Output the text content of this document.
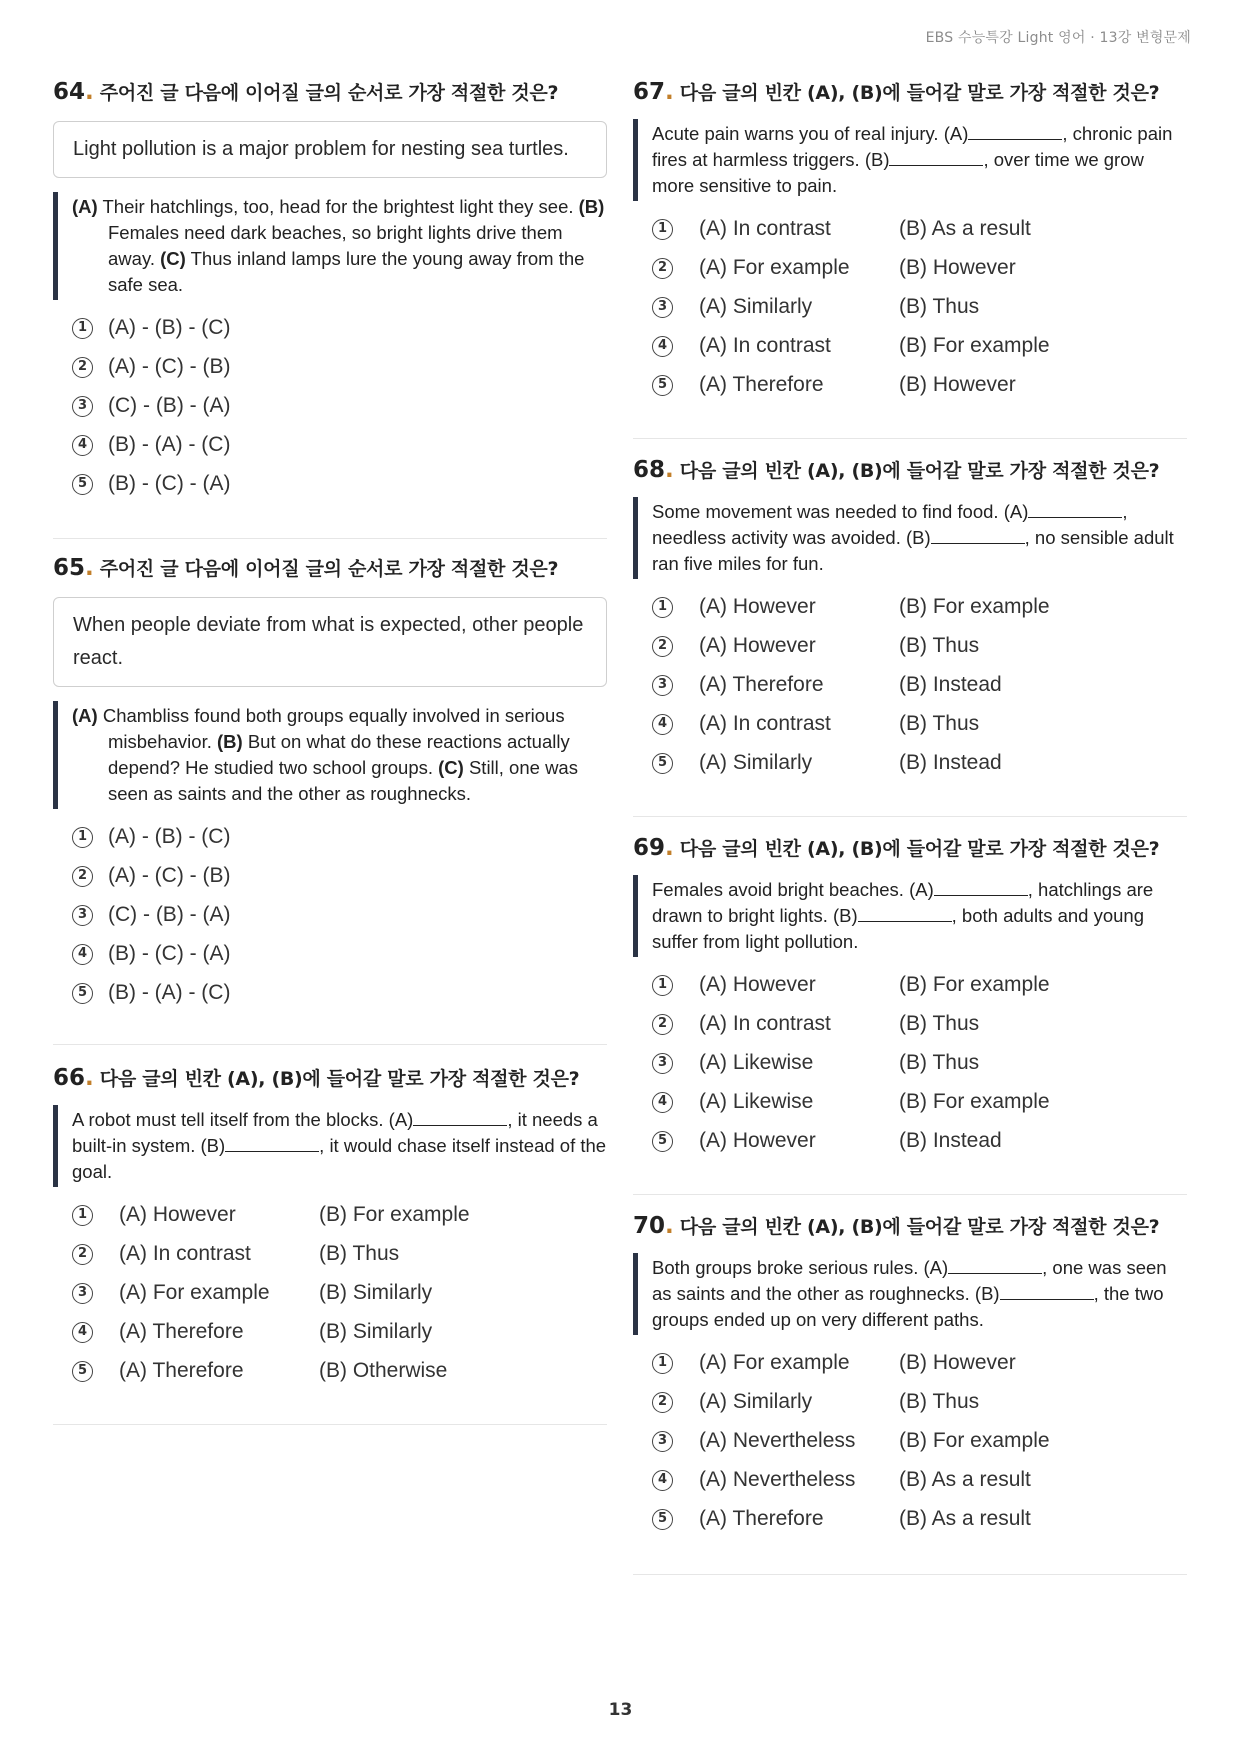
EBS 수능특강 Light 영어 · 13강 변형문제
64 . 주어진 글 다음에 이어질 글의 순서로 가장 적절한 것은?
Light pollution is a major problem for nesting sea turtles.
(A) Their hatchlings, too, head for the brightest light they see. (B) Females need dark beaches, so bright lights drive them away. (C) Thus inland lamps lure the young away from the safe sea.
1 (A) - (B) - (C)
2 (A) - (C) - (B)
3 (C) - (B) - (A)
4 (B) - (A) - (C)
5 (B) - (C) - (A)
65 . 주어진 글 다음에 이어질 글의 순서로 가장 적절한 것은?
When people deviate from what is expected, other people react.
(A) Chambliss found both groups equally involved in serious misbehavior. (B) But on what do these reactions actually depend? He studied two school groups. (C) Still, one was seen as saints and the other as roughnecks.
1 (A) - (B) - (C)
2 (A) - (C) - (B)
3 (C) - (B) - (A)
4 (B) - (C) - (A)
5 (B) - (A) - (C)
66 . 다음 글의 빈칸 (A), (B)에 들어갈 말로 가장 적절한 것은?
A robot must tell itself from the blocks. (A)	, it needs a built-in system. (B)	, it would chase itself instead of the goal.
1 (A) However	(B) For example
2 (A) In contrast	(B) Thus
3 (A) For example (B) Similarly
4 (A) Therefore	(B) Similarly
5 (A) Therefore	(B) Otherwise
67 . 다음 글의 빈칸 (A), (B)에 들어갈 말로 가장 적절한 것은?
Acute pain warns you of real injury. (A)	, chronic pain fires at harmless triggers. (B)	, over time we grow more sensitive to pain.
1 (A) In contrast	(B) As a result
2 (A) For example (B) However
3 (A) Similarly	(B) Thus
4 (A) In contrast	(B) For example
5 (A) Therefore	(B) However
68 . 다음 글의 빈칸 (A), (B)에 들어갈 말로 가장 적절한 것은?
Some movement was needed to find food. (A)	, needless activity was avoided. (B)	, no sensible adult ran five miles for fun.
1 (A) However	(B) For example
2 (A) However	(B) Thus
3 (A) Therefore	(B) Instead
4 (A) In contrast	(B) Thus
5 (A) Similarly	(B) Instead
69 . 다음 글의 빈칸 (A), (B)에 들어갈 말로 가장 적절한 것은?
Females avoid bright beaches. (A)	, hatchlings are drawn to bright lights. (B)	, both adults and young suffer from light pollution.
1 (A) However	(B) For example
2 (A) In contrast	(B) Thus
3 (A) Likewise	(B) Thus
4 (A) Likewise	(B) For example
5 (A) However	(B) Instead
70 . 다음 글의 빈칸 (A), (B)에 들어갈 말로 가장 적절한 것은?
Both groups broke serious rules. (A)	, one was seen as saints and the other as roughnecks. (B)	, the two groups ended up on very different paths.
1 (A) For example (B) However
2 (A) Similarly	(B) Thus
3 (A) Nevertheless (B) For example
4 (A) Nevertheless (B) As a result
5 (A) Therefore	(B) As a result
13
